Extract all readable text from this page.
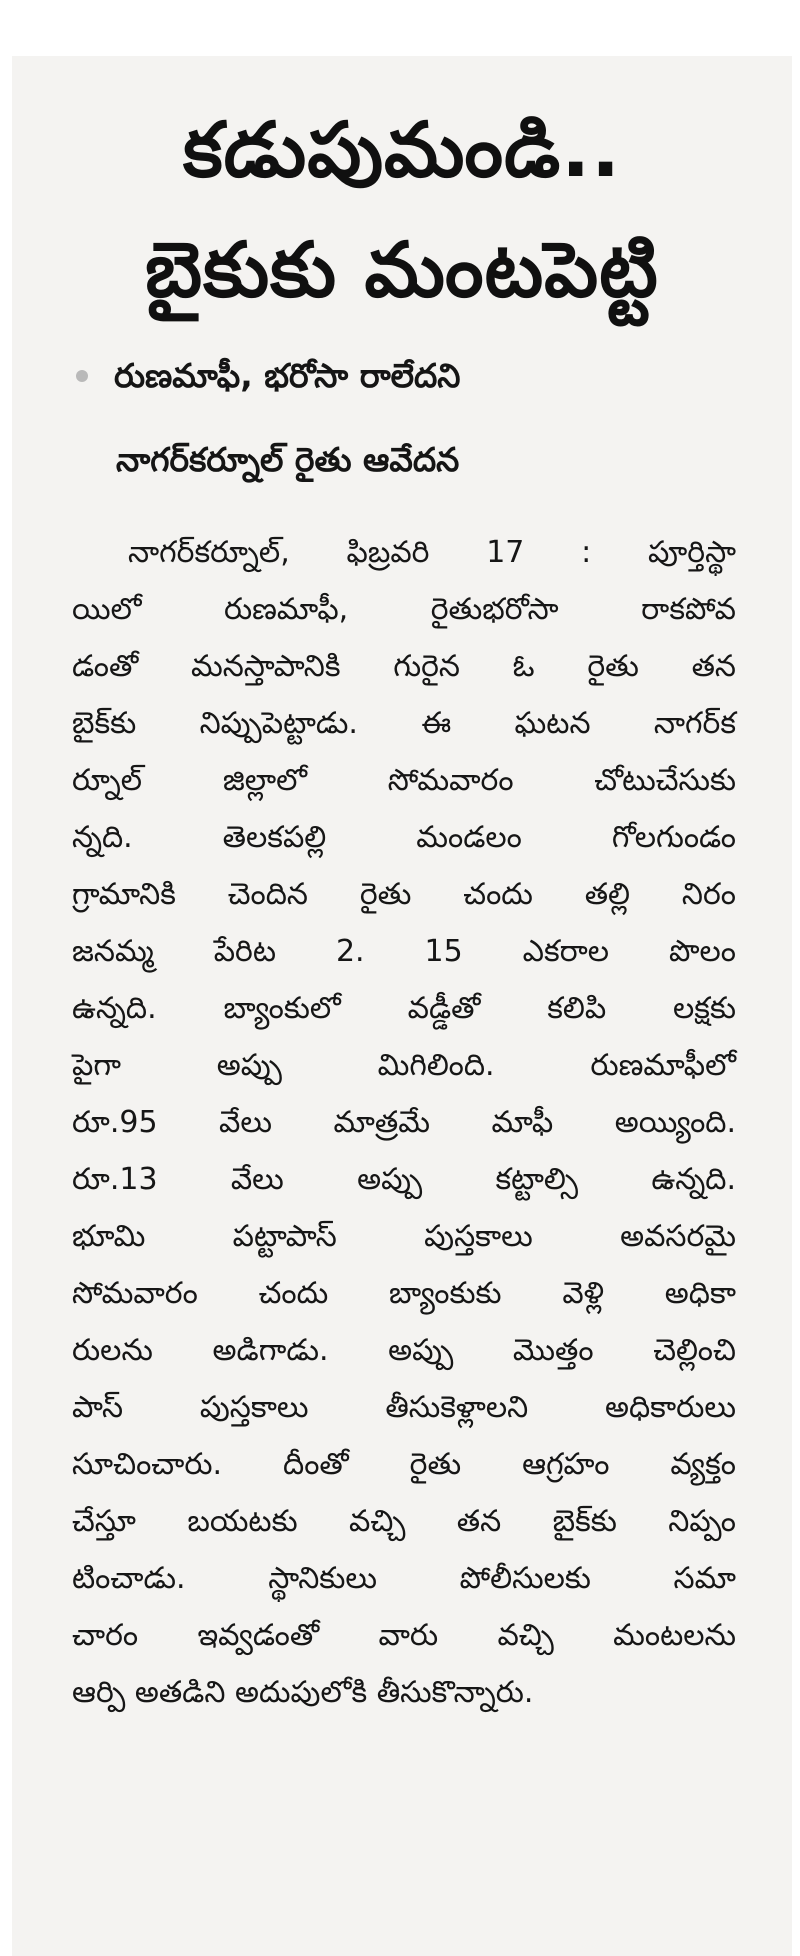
కడుపుమండి..
బైకుకు మంటపెట్టి
రుణమాఫీ, భరోసా రాలేదని
నాగర్‌కర్నూల్ రైతు ఆవేదన
నాగర్‌కర్నూల్, ఫిబ్రవరి 17 : పూర్తిస్థా
యిలో రుణమాఫీ, రైతుభరోసా రాకపోవ
డంతో మనస్తాపానికి గురైన ఓ రైతు తన
బైక్‌కు నిప్పుపెట్టాడు. ఈ ఘటన నాగర్‌క
ర్నూల్ జిల్లాలో సోమవారం చోటుచేసుకు
న్నది. తెలకపల్లి మండలం గోలగుండం
గ్రామానికి చెందిన రైతు చందు తల్లి నిరం
జనమ్మ పేరిట 2. 15 ఎకరాల పొలం
ఉన్నది. బ్యాంకులో వడ్డీతో కలిపి లక్షకు
పైగా అప్పు మిగిలింది. రుణమాఫీలో
రూ.95 వేలు మాత్రమే మాఫీ అయ్యింది.
రూ.13 వేలు అప్పు కట్టాల్సి ఉన్నది.
భూమి పట్టాపాస్ పుస్తకాలు అవసరమై
సోమవారం చందు బ్యాంకుకు వెళ్లి అధికా
రులను అడిగాడు. అప్పు మొత్తం చెల్లించి
పాస్ పుస్తకాలు తీసుకెళ్లాలని అధికారులు
సూచించారు. దీంతో రైతు ఆగ్రహం వ్యక్తం
చేస్తూ బయటకు వచ్చి తన బైక్‌కు నిప్పం
టించాడు. స్థానికులు పోలీసులకు సమా
చారం ఇవ్వడంతో వారు వచ్చి మంటలను
ఆర్పి అతడిని అదుపులోకి తీసుకొన్నారు.
